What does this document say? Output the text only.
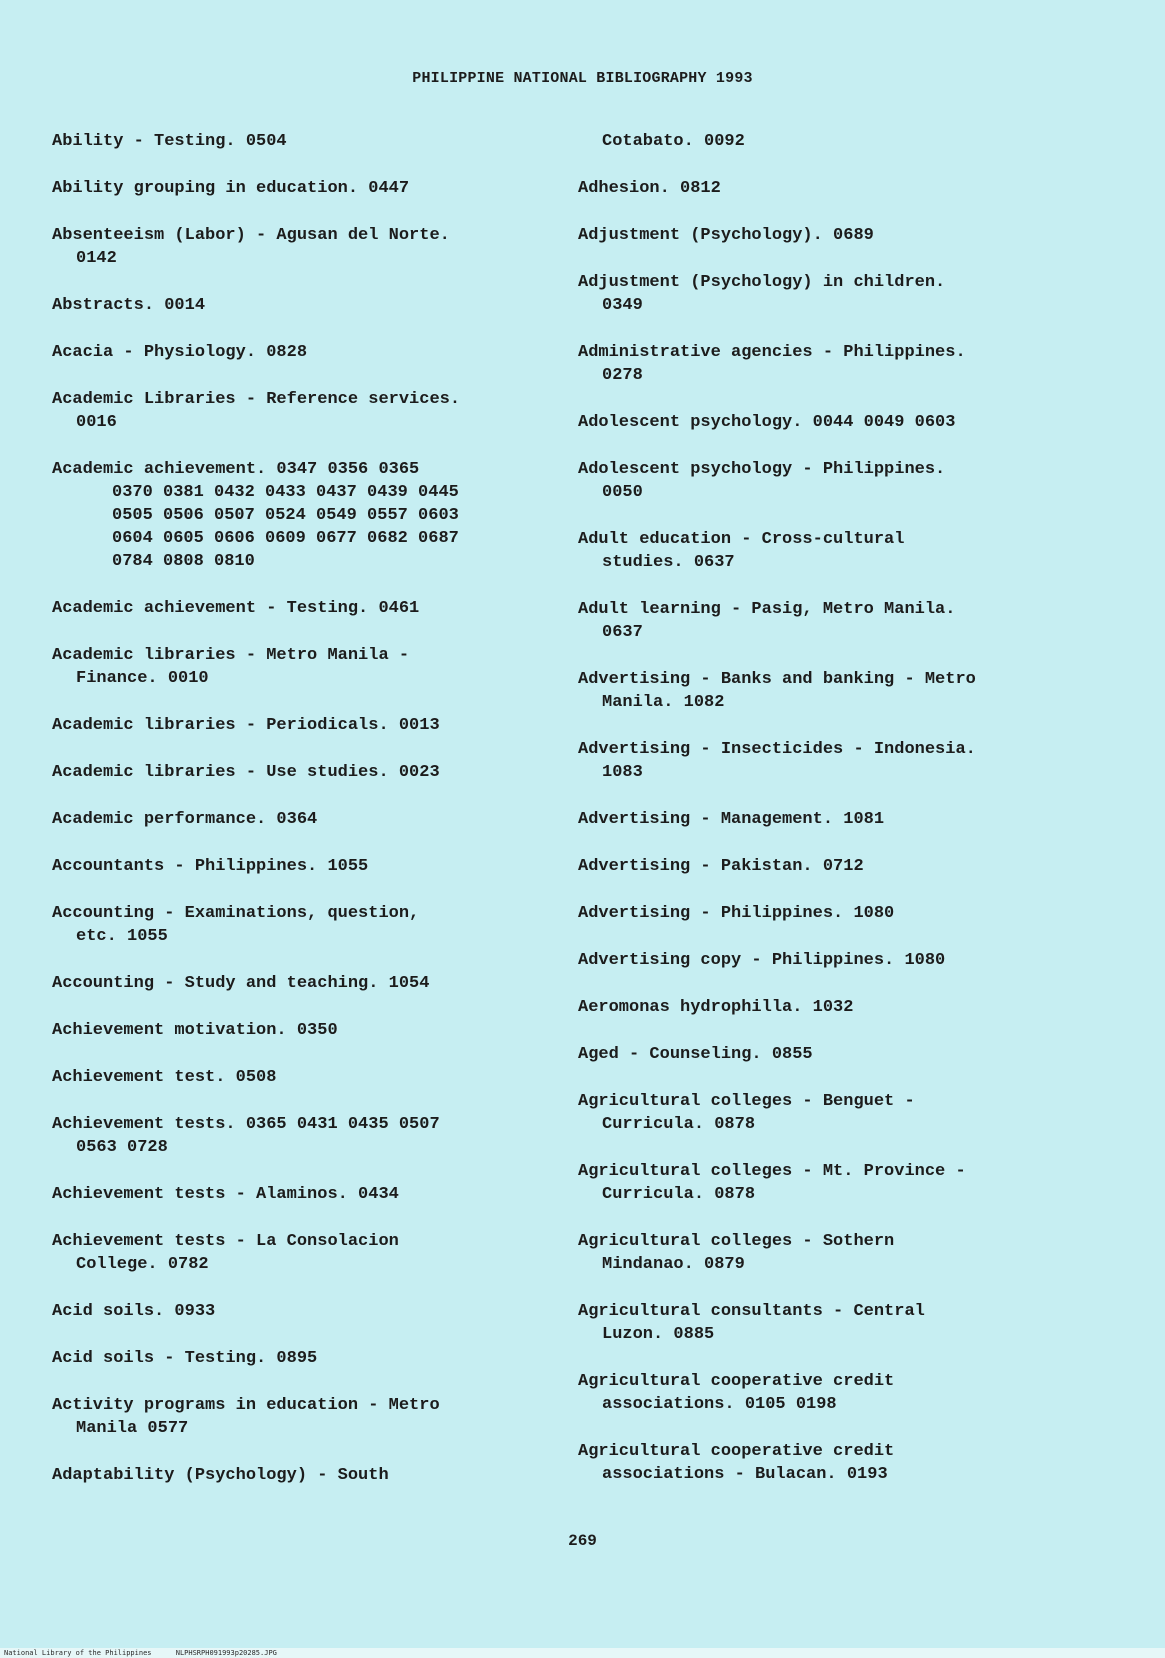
PHILIPPINE NATIONAL BIBLIOGRAPHY 1993
Ability - Testing. 0504
Ability grouping in education. 0447
Absenteeism (Labor) - Agusan del Norte.
0142
Abstracts. 0014
Acacia - Physiology. 0828
Academic Libraries - Reference services.
0016
Academic achievement. 0347 0356 0365
0370 0381 0432 0433 0437 0439 0445
0505 0506 0507 0524 0549 0557 0603
0604 0605 0606 0609 0677 0682 0687
0784 0808 0810
Academic achievement - Testing. 0461
Academic libraries - Metro Manila -
Finance. 0010
Academic libraries - Periodicals. 0013
Academic libraries - Use studies. 0023
Academic performance. 0364
Accountants - Philippines. 1055
Accounting - Examinations, question,
etc. 1055
Accounting - Study and teaching. 1054
Achievement motivation. 0350
Achievement test. 0508
Achievement tests. 0365 0431 0435 0507
0563 0728
Achievement tests - Alaminos. 0434
Achievement tests - La Consolacion
College. 0782
Acid soils. 0933
Acid soils - Testing. 0895
Activity programs in education - Metro
Manila 0577
Adaptability (Psychology) - South
Cotabato. 0092
Adhesion. 0812
Adjustment (Psychology). 0689
Adjustment (Psychology) in children.
0349
Administrative agencies - Philippines.
0278
Adolescent psychology. 0044 0049 0603
Adolescent psychology - Philippines.
0050
Adult education - Cross-cultural
studies. 0637
Adult learning - Pasig, Metro Manila.
0637
Advertising - Banks and banking - Metro
Manila. 1082
Advertising - Insecticides - Indonesia.
1083
Advertising - Management. 1081
Advertising - Pakistan. 0712
Advertising - Philippines. 1080
Advertising copy - Philippines. 1080
Aeromonas hydrophilla. 1032
Aged - Counseling. 0855
Agricultural colleges - Benguet -
Curricula. 0878
Agricultural colleges - Mt. Province -
Curricula. 0878
Agricultural colleges - Sothern
Mindanao. 0879
Agricultural consultants - Central
Luzon. 0885
Agricultural cooperative credit
associations. 0105 0198
Agricultural cooperative credit
associations - Bulacan. 0193
269
National Library of the Philippines	NLPHSRPH091993p20285.JPG
